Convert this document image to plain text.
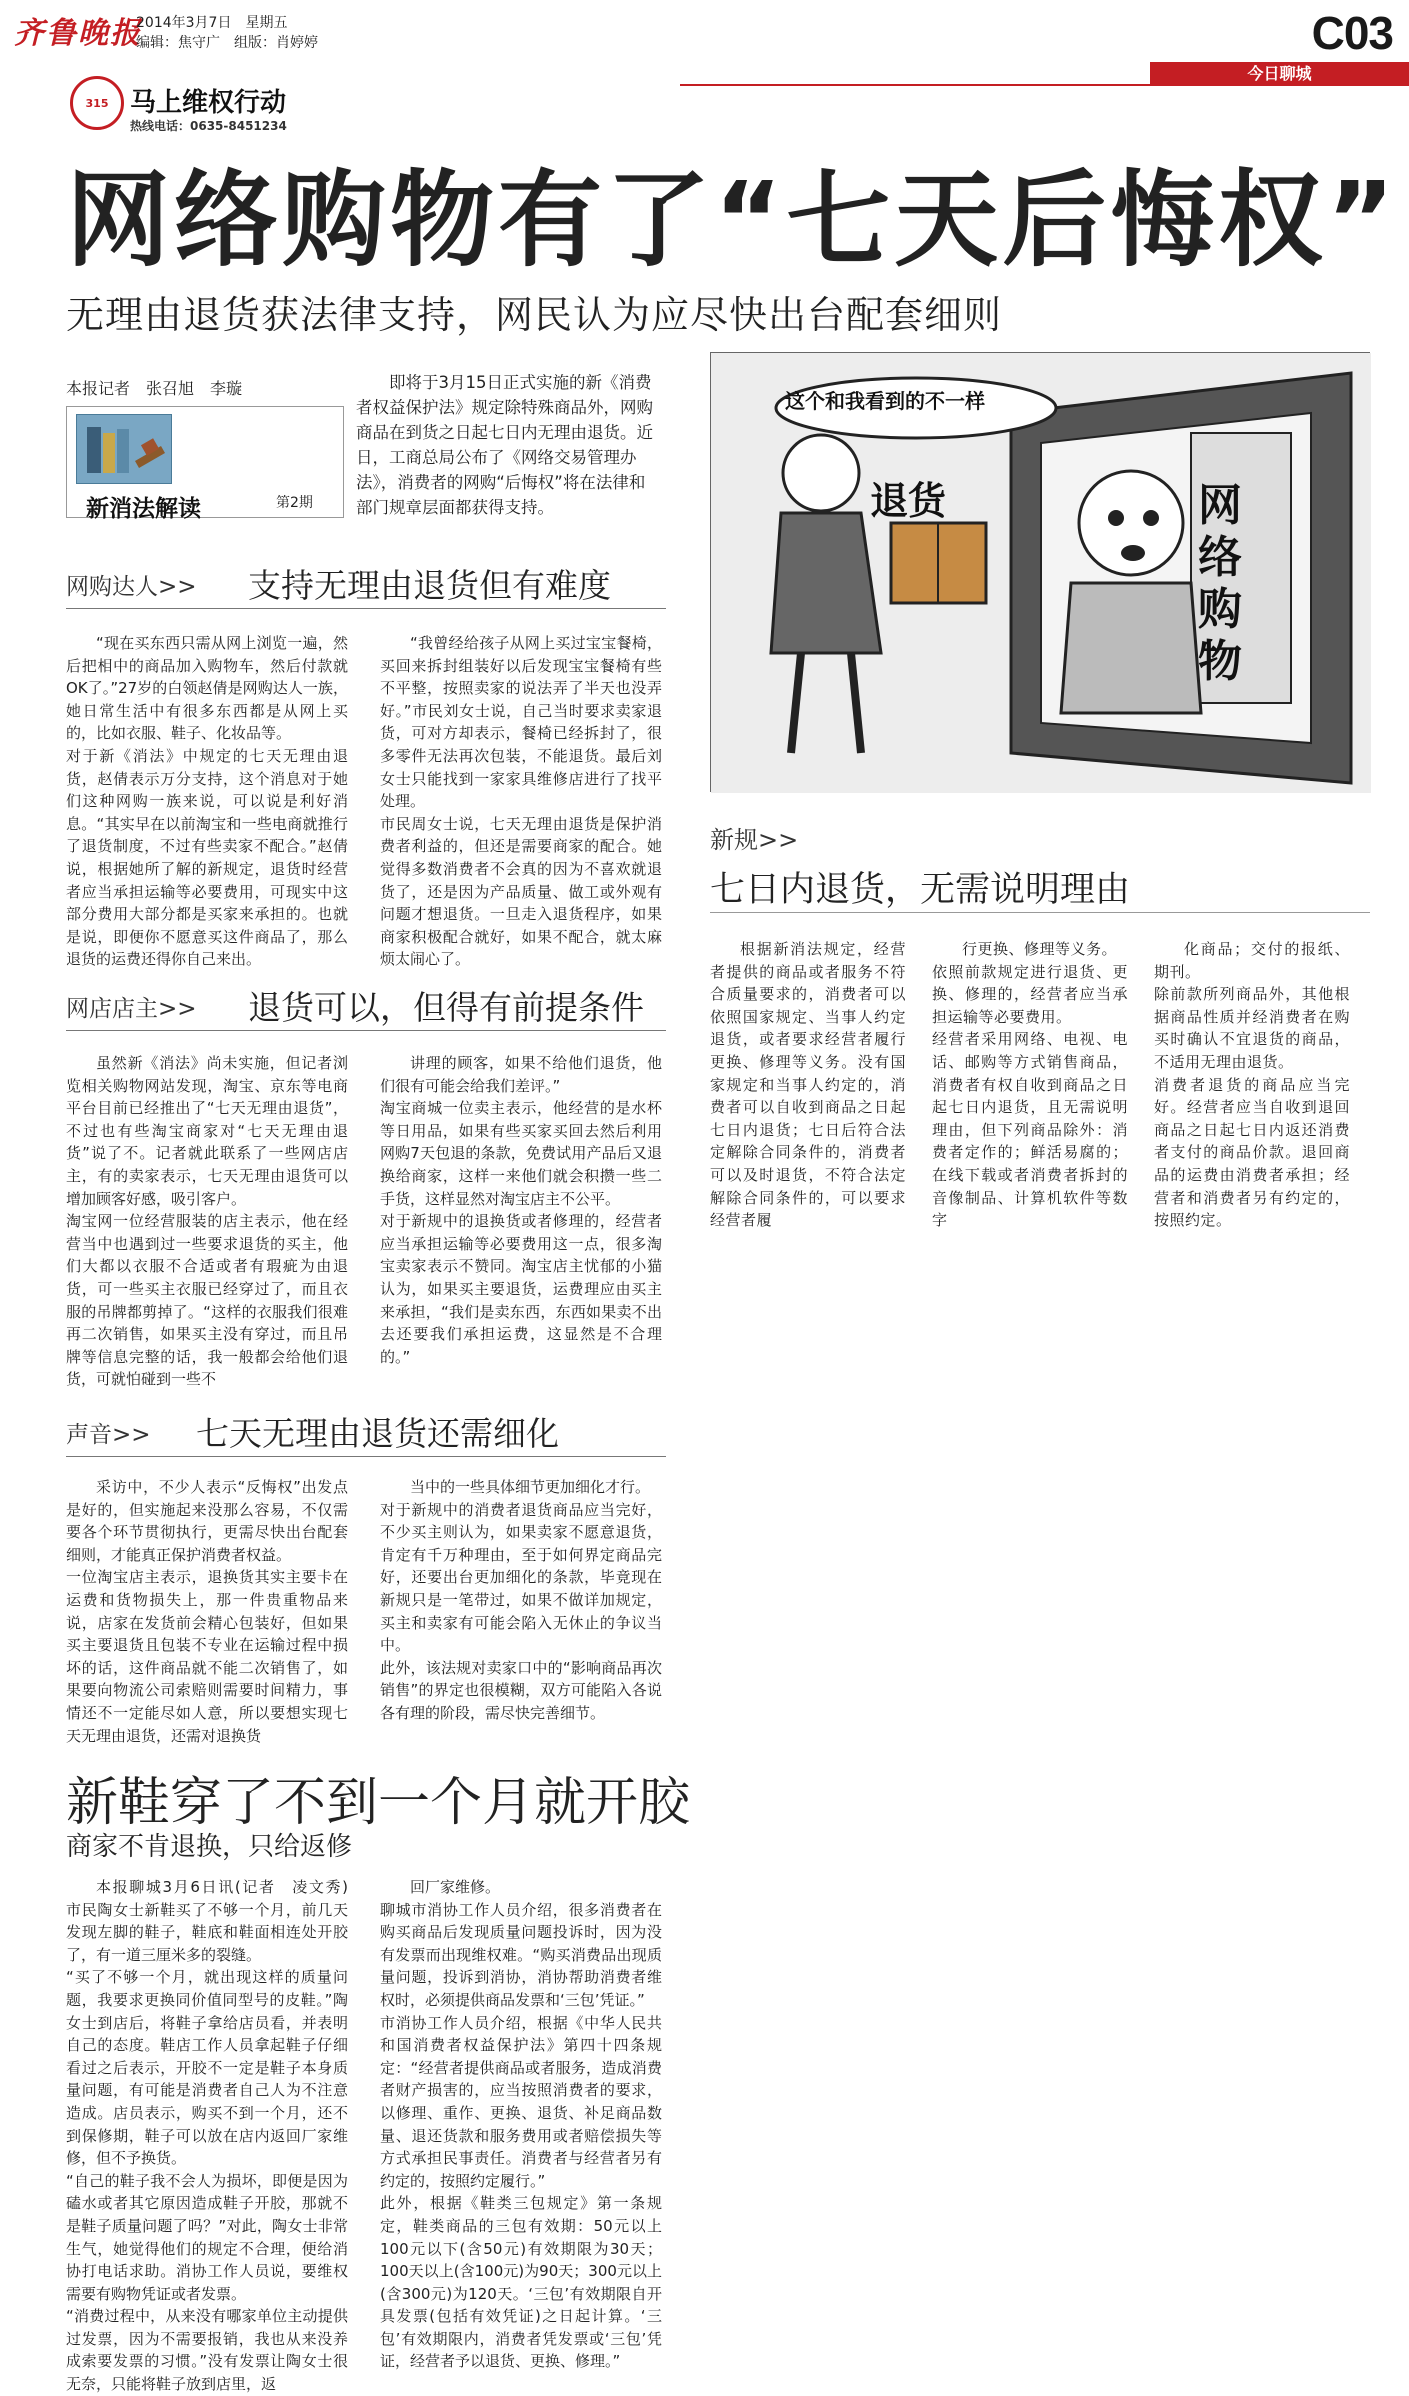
齐鲁晚报
2014年3月7日　星期五
编辑：焦守广　组版：肖婷婷	C03
今日聊城
315 马上维权行动
热线电话：0635-8451234
网络购物有了“七天后悔权”
无理由退货获法律支持，网民认为应尽快出台配套细则
本报记者　张召旭　李璇
新消法解读	第2期
即将于3月15日正式实施的新《消费者权益保护法》规定除特殊商品外，网购商品在到货之日起七日内无理由退货。近日，工商总局公布了《网络交易管理办法》，消费者的网购“后悔权”将在法律和部门规章层面都获得支持。
这个和我看到的不一样
退货	网络购物
网购达人>> 支持无理由退货但有难度
“现在买东西只需从网上浏览一遍，然后把相中的商品加入购物车，然后付款就OK了。”27岁的白领赵倩是网购达人一族，她日常生活中有很多东西都是从网上买的，比如衣服、鞋子、化妆品等。
对于新《消法》中规定的七天无理由退货，赵倩表示万分支持，这个消息对于她们这种网购一族来说，可以说是利好消息。“其实早在以前淘宝和一些电商就推行了退货制度，不过有些卖家不配合。”赵倩说，根据她所了解的新规定，退货时经营者应当承担运输等必要费用，可现实中这部分费用大部分都是买家来承担的。也就是说，即便你不愿意买这件商品了，那么退货的运费还得你自己来出。
“我曾经给孩子从网上买过宝宝餐椅，买回来拆封组装好以后发现宝宝餐椅有些不平整，按照卖家的说法弄了半天也没弄好。”市民刘女士说，自己当时要求卖家退货，可对方却表示，餐椅已经拆封了，很多零件无法再次包装，不能退货。最后刘女士只能找到一家家具维修店进行了找平处理。
市民周女士说，七天无理由退货是保护消费者利益的，但还是需要商家的配合。她觉得多数消费者不会真的因为不喜欢就退货了，还是因为产品质量、做工或外观有问题才想退货。一旦走入退货程序，如果商家积极配合就好，如果不配合，就太麻烦太闹心了。
网店店主>> 退货可以，但得有前提条件
虽然新《消法》尚未实施，但记者浏览相关购物网站发现，淘宝、京东等电商平台目前已经推出了“七天无理由退货”，不过也有些淘宝商家对“七天无理由退货”说了不。记者就此联系了一些网店店主，有的卖家表示，七天无理由退货可以增加顾客好感，吸引客户。
淘宝网一位经营服装的店主表示，他在经营当中也遇到过一些要求退货的买主，他们大都以衣服不合适或者有瑕疵为由退货，可一些买主衣服已经穿过了，而且衣服的吊牌都剪掉了。“这样的衣服我们很难再二次销售，如果买主没有穿过，而且吊牌等信息完整的话，我一般都会给他们退货，可就怕碰到一些不
讲理的顾客，如果不给他们退货，他们很有可能会给我们差评。”
淘宝商城一位卖主表示，他经营的是水杯等日用品，如果有些买家买回去然后利用网购7天包退的条款，免费试用产品后又退换给商家，这样一来他们就会积攒一些二手货，这样显然对淘宝店主不公平。
对于新规中的退换货或者修理的，经营者应当承担运输等必要费用这一点，很多淘宝卖家表示不赞同。淘宝店主忧郁的小猫认为，如果买主要退货，运费理应由买主来承担，“我们是卖东西，东西如果卖不出去还要我们承担运费，这显然是不合理的。”
声音>> 七天无理由退货还需细化
采访中，不少人表示“反悔权”出发点是好的，但实施起来没那么容易，不仅需要各个环节贯彻执行，更需尽快出台配套细则，才能真正保护消费者权益。
一位淘宝店主表示，退换货其实主要卡在运费和货物损失上，那一件贵重物品来说，店家在发货前会精心包装好，但如果买主要退货且包装不专业在运输过程中损坏的话，这件商品就不能二次销售了，如果要向物流公司索赔则需要时间精力，事情还不一定能尽如人意，所以要想实现七天无理由退货，还需对退换货
当中的一些具体细节更加细化才行。
对于新规中的消费者退货商品应当完好，不少买主则认为，如果卖家不愿意退货，肯定有千万种理由，至于如何界定商品完好，还要出台更加细化的条款，毕竟现在新规只是一笔带过，如果不做详加规定，买主和卖家有可能会陷入无休止的争议当中。
此外，该法规对卖家口中的“影响商品再次销售”的界定也很模糊，双方可能陷入各说各有理的阶段，需尽快完善细节。
新规>>
七日内退货，无需说明理由
根据新消法规定，经营者提供的商品或者服务不符合质量要求的，消费者可以依照国家规定、当事人约定退货，或者要求经营者履行更换、修理等义务。没有国家规定和当事人约定的，消费者可以自收到商品之日起七日内退货；七日后符合法定解除合同条件的，消费者可以及时退货，不符合法定解除合同条件的，可以要求经营者履
行更换、修理等义务。
依照前款规定进行退货、更换、修理的，经营者应当承担运输等必要费用。
经营者采用网络、电视、电话、邮购等方式销售商品，消费者有权自收到商品之日起七日内退货，且无需说明理由，但下列商品除外：消费者定作的；鲜活易腐的；在线下载或者消费者拆封的音像制品、计算机软件等数字
化商品；交付的报纸、期刊。
除前款所列商品外，其他根据商品性质并经消费者在购买时确认不宜退货的商品，不适用无理由退货。
消费者退货的商品应当完好。经营者应当自收到退回商品之日起七日内返还消费者支付的商品价款。退回商品的运费由消费者承担；经营者和消费者另有约定的，按照约定。
新鞋穿了不到一个月就开胶
商家不肯退换，只给返修
本报聊城3月6日讯(记者　凌文秀)　市民陶女士新鞋买了不够一个月，前几天发现左脚的鞋子，鞋底和鞋面相连处开胶了，有一道三厘米多的裂缝。
“买了不够一个月，就出现这样的质量问题，我要求更换同价值同型号的皮鞋。”陶女士到店后，将鞋子拿给店员看，并表明自己的态度。鞋店工作人员拿起鞋子仔细看过之后表示，开胶不一定是鞋子本身质量问题，有可能是消费者自己人为不注意造成。店员表示，购买不到一个月，还不到保修期，鞋子可以放在店内返回厂家维修，但不予换货。
“自己的鞋子我不会人为损坏，即便是因为磕水或者其它原因造成鞋子开胶，那就不是鞋子质量问题了吗？”对此，陶女士非常生气，她觉得他们的规定不合理，便给消协打电话求助。消协工作人员说，要维权需要有购物凭证或者发票。
“消费过程中，从来没有哪家单位主动提供过发票，因为不需要报销，我也从来没养成索要发票的习惯。”没有发票让陶女士很无奈，只能将鞋子放到店里，返
回厂家维修。
聊城市消协工作人员介绍，很多消费者在购买商品后发现质量问题投诉时，因为没有发票而出现维权难。“购买消费品出现质量问题，投诉到消协，消协帮助消费者维权时，必须提供商品发票和‘三包’凭证。”
市消协工作人员介绍，根据《中华人民共和国消费者权益保护法》第四十四条规定：“经营者提供商品或者服务，造成消费者财产损害的，应当按照消费者的要求，以修理、重作、更换、退货、补足商品数量、退还货款和服务费用或者赔偿损失等方式承担民事责任。消费者与经营者另有约定的，按照约定履行。”
此外，根据《鞋类三包规定》第一条规定，鞋类商品的三包有效期：50元以上100元以下(含50元)有效期限为30天；100天以上(含100元)为90天；300元以上(含300元)为120天。‘三包’有效期限自开具发票(包括有效凭证)之日起计算。‘三包’有效期限内，消费者凭发票或‘三包’凭证，经营者予以退货、更换、修理。”
